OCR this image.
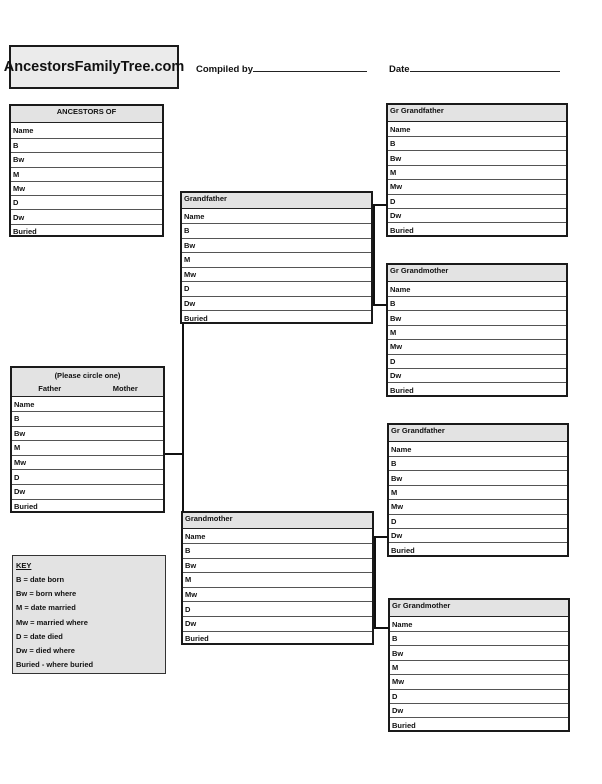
AncestorsFamilyTree.com Compiled by	Date
ANCESTORS OF
Name
B
Bw
M
Mw
D
Dw
Buried
(Please circle one)
Father	Mother
Name
B
Bw
M
Mw
D
Dw
Buried
KEY
B = date born
Bw = born where
M = date married
Mw = married where
D = date died
Dw = died where
Buried - where buried
Grandfather
Name
B
Bw
M
Mw
D
Dw
Buried
Grandmother
Name
B
Bw
M
Mw
D
Dw
Buried
Gr Grandfather
Name
B
Bw
M
Mw
D
Dw
Buried
Gr Grandmother
Name
B
Bw
M
Mw
D
Dw
Buried
Gr Grandfather
Name
B
Bw
M
Mw
D
Dw
Buried
Gr Grandmother
Name
B
Bw
M
Mw
D
Dw
Buried
